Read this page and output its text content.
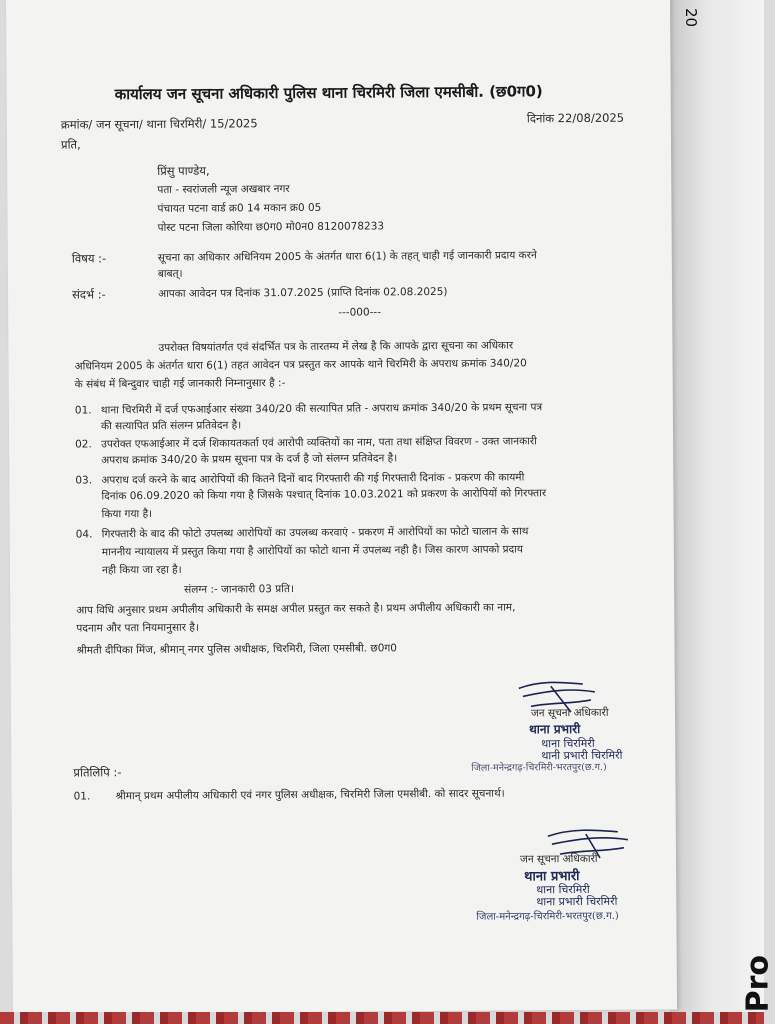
20
Pro
कार्यालय जन सूचना अधिकारी पुलिस थाना चिरमिरी जिला एमसीबी. (छ0ग0)
क्रमांक/ जन सूचना/ थाना चिरमिरी/ 15/2025	दिनांक 22/08/2025
प्रति,
प्रिंसु पाण्डेय,
पता - स्वरांजली न्यूज अखबार नगर
पंचायत पटना वार्ड क्र0 14 मकान क्र0 05
पोस्ट पटना जिला कोरिया छ0ग0 मो0न0 8120078233
विषय :-	सूचना का अधिकार अधिनियम 2005 के अंतर्गत धारा 6(1) के तहत् चाही गई जानकारी प्रदाय करने
बाबत्।
संदर्भ :-	आपका आवेदन पत्र दिनांक 31.07.2025 (प्राप्ति दिनांक 02.08.2025)
---000---
उपरोक्त विषयांतर्गत एवं संदर्भित पत्र के तारतम्य में लेख है कि आपके द्वारा सूचना का अधिकार
अधिनियम 2005 के अंतर्गत धारा 6(1) तहत आवेदन पत्र प्रस्तुत कर आपके थाने चिरमिरी के अपराध क्रमांक 340/20
के संबंध में बिन्दुवार चाही गई जानकारी निम्नानुसार है :-
01. थाना चिरमिरी में दर्ज एफआईआर संख्या 340/20 की सत्यापित प्रति - अपराध क्रमांक 340/20 के प्रथम सूचना पत्र
की सत्यापित प्रति संलग्न प्रतिवेदन है।
02. उपरोक्त एफआईआर में दर्ज शिकायतकर्ता एवं आरोपी व्यक्तियों का नाम, पता तथा संक्षिप्त विवरण - उक्त जानकारी
अपराध क्रमांक 340/20 के प्रथम सूचना पत्र के दर्ज है जो संलग्न प्रतिवेदन है।
03. अपराध दर्ज करने के बाद आरोपियों की कितने दिनों बाद गिरफ्तारी की गई गिरफ्तारी दिनांक - प्रकरण की कायमी
दिनांक 06.09.2020 को किया गया है जिसके पश्चात् दिनांक 10.03.2021 को प्रकरण के आरोपियों को गिरफ्तार
किया गया है।
04. गिरफ्तारी के बाद की फोटो उपलब्ध आरोपियों का उपलब्ध करवाएं - प्रकरण में आरोपियों का फोटो चालान के साथ
माननीय न्यायालय में प्रस्तुत किया गया है आरोपियों का फोटो थाना में उपलब्ध नही है। जिस कारण आपको प्रदाय
नही किया जा रहा है।
संलग्न :- जानकारी 03 प्रति।
आप विधि अनुसार प्रथम अपीलीय अधिकारी के समक्ष अपील प्रस्तुत कर सकते है। प्रथम अपीलीय अधिकारी का नाम,
पदनाम और पता नियमानुसार है।
श्रीमती दीपिका मिंज, श्रीमान् नगर पुलिस अधीक्षक, चिरमिरी, जिला एमसीबी. छ0ग0
जन सूचना अधिकारी
थाना प्रभारी
थाना चिरमिरी
थानी प्रभारी चिरमिरी
जिला-मनेन्द्रगढ़-चिरमिरी-भरतपुर(छ.ग.)
प्रतिलिपि :-
01. श्रीमान् प्रथम अपीलीय अधिकारी एवं नगर पुलिस अधीक्षक, चिरमिरी जिला एमसीबी. को सादर सूचनार्थ।
जन सूचना अधिकारी
थाना प्रभारी
थाना चिरमिरी
थाना प्रभारी चिरमिरी
जिला-मनेन्द्रगढ़-चिरमिरी-भरतपुर(छ.ग.)
